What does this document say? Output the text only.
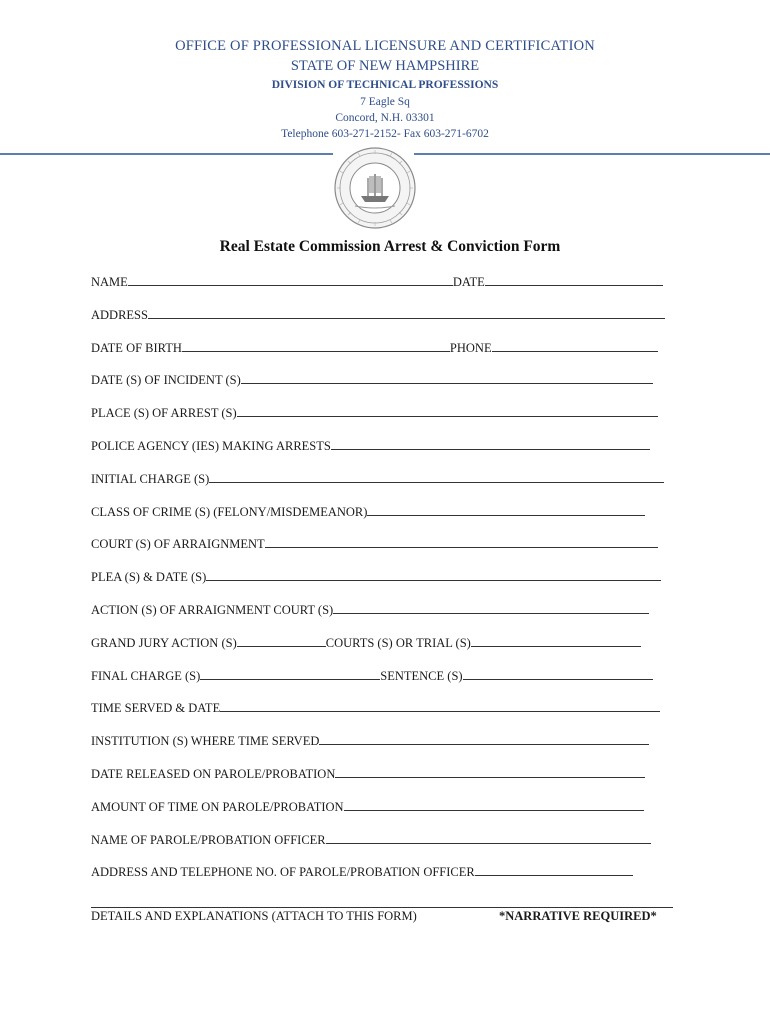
OFFICE OF PROFESSIONAL LICENSURE AND CERTIFICATION
STATE OF NEW HAMPSHIRE
DIVISION OF TECHNICAL PROFESSIONS
7 Eagle Sq
Concord, N.H. 03301
Telephone 603-271-2152- Fax 603-271-6702
Real Estate Commission Arrest & Conviction Form
NAME	DATE
ADDRESS
DATE OF BIRTH	PHONE
DATE (S) OF INCIDENT (S)
PLACE (S) OF ARREST (S)
POLICE AGENCY (IES) MAKING ARRESTS
INITIAL CHARGE (S)
CLASS OF CRIME (S) (FELONY/MISDEMEANOR)
COURT (S) OF ARRAIGNMENT
PLEA (S) & DATE (S)
ACTION (S) OF ARRAIGNMENT COURT (S)
GRAND JURY ACTION (S)	COURTS (S) OR TRIAL (S)
FINAL CHARGE (S)	SENTENCE (S)
TIME SERVED & DATE
INSTITUTION (S) WHERE TIME SERVED
DATE RELEASED ON PAROLE/PROBATION
AMOUNT OF TIME ON PAROLE/PROBATION
NAME OF PAROLE/PROBATION OFFICER
ADDRESS AND TELEPHONE NO. OF PAROLE/PROBATION OFFICER
DETAILS AND EXPLANATIONS (ATTACH TO THIS FORM)	*NARRATIVE REQUIRED*
